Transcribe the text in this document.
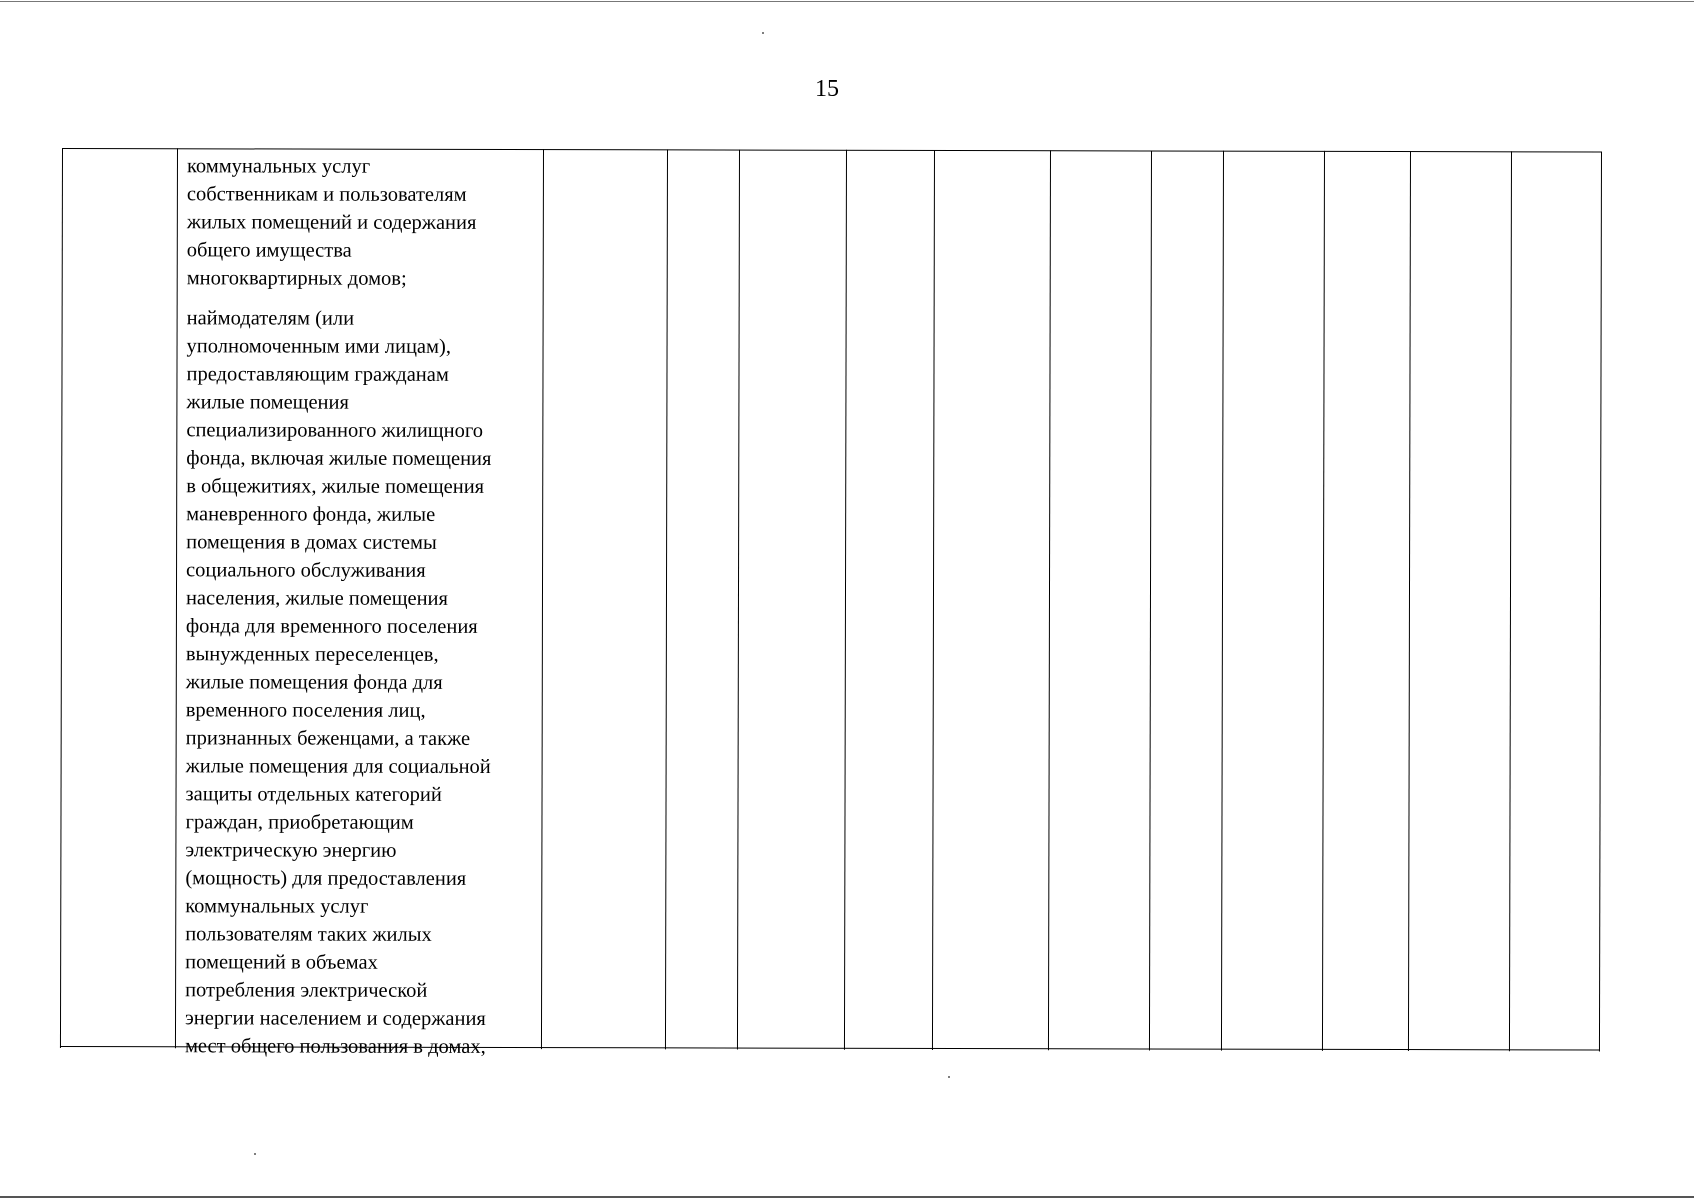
15

коммунальных услуг
собственникам и пользователям
жилых помещений и содержания
общего имущества
многоквартирных домов;

наймодателям (или
уполномоченным ими лицам),
предоставляющим гражданам
жилые помещения
специализированного жилищного
фонда, включая жилые помещения
в общежитиях, жилые помещения
маневренного фонда, жилые
помещения в домах системы
социального обслуживания
населения, жилые помещения
фонда для временного поселения
вынужденных переселенцев,
жилые помещения фонда для
временного поселения лиц,
признанных беженцами, а также
жилые помещения для социальной
защиты отдельных категорий
граждан, приобретающим
электрическую энергию
(мощность) для предоставления
коммунальных услуг
пользователям таких жилых
помещений в объемах
потребления электрической
энергии населением и содержания
мест общего пользования в домах,
